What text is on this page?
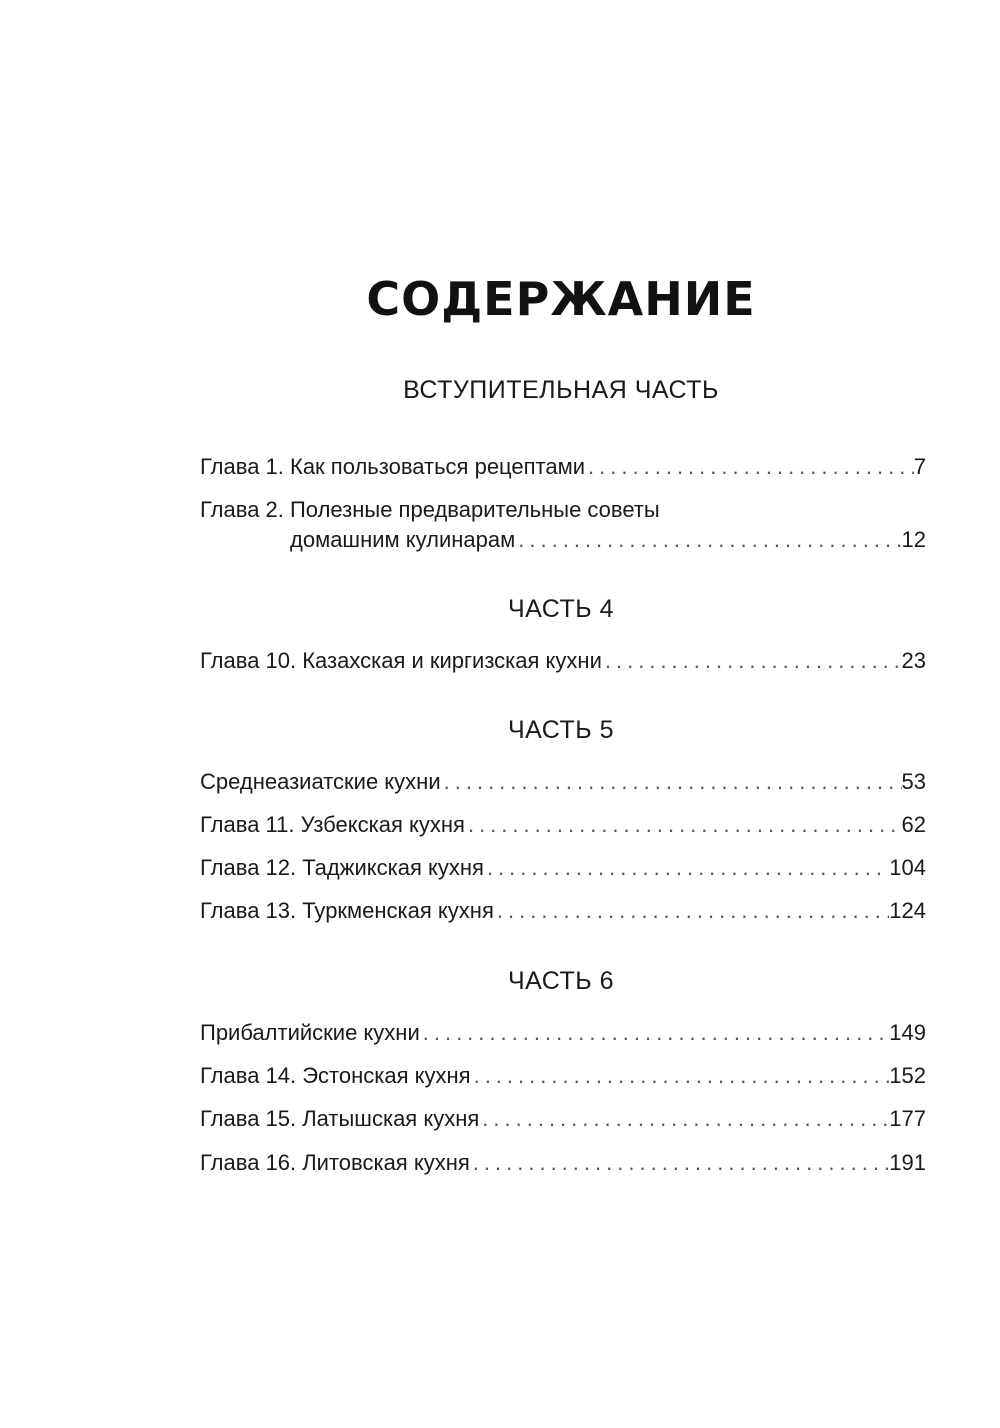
СОДЕРЖАНИЕ
ВСТУПИТЕЛЬНАЯ ЧАСТЬ
Глава 1. Как пользоваться рецептами .....	7
Глава 2. Полезные предварительные советы
домашним кулинарам .....	12
ЧАСТЬ 4
Глава 10. Казахская и киргизская кухни .....	23
ЧАСТЬ 5
Среднеазиатские кухни .....	53
Глава 11. Узбекская кухня .....	62
Глава 12. Таджикская кухня .....	104
Глава 13. Туркменская кухня .....	124
ЧАСТЬ 6
Прибалтийские кухни .....	149
Глава 14. Эстонская кухня .....	152
Глава 15. Латышская кухня .....	177
Глава 16. Литовская кухня .....	191
